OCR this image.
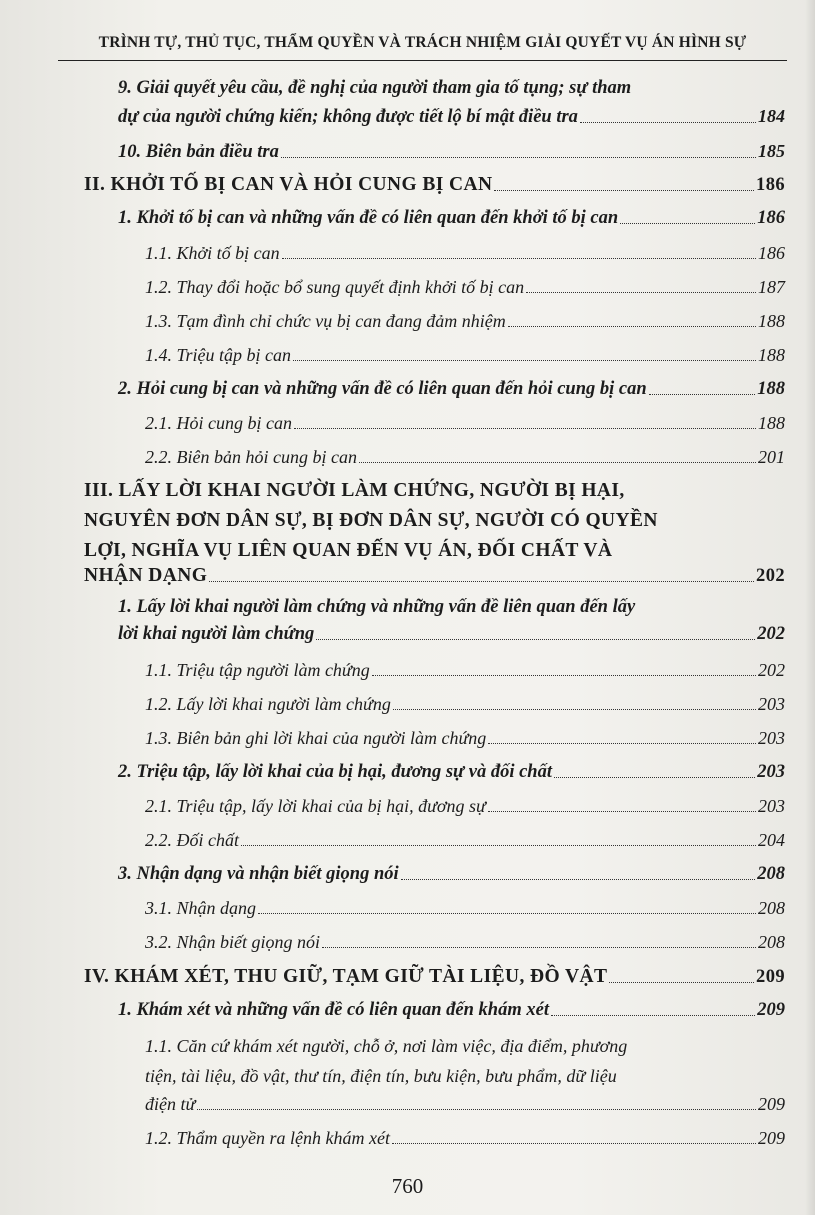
TRÌNH TỰ, THỦ TỤC, THẨM QUYỀN VÀ TRÁCH NHIỆM GIẢI QUYẾT VỤ ÁN HÌNH SỰ
9. Giải quyết yêu cầu, đề nghị của người tham gia tố tụng; sự tham
dự của người chứng kiến; không được tiết lộ bí mật điều tra	184
10. Biên bản điều tra	185
II. KHỞI TỐ BỊ CAN VÀ HỎI CUNG BỊ CAN	186
1. Khởi tố bị can và những vấn đề có liên quan đến khởi tố bị can	186
1.1. Khởi tố bị can	186
1.2. Thay đổi hoặc bổ sung quyết định khởi tố bị can	187
1.3. Tạm đình chỉ chức vụ bị can đang đảm nhiệm	188
1.4. Triệu tập bị can	188
2. Hỏi cung bị can và những vấn đề có liên quan đến hỏi cung bị can	188
2.1. Hỏi cung bị can	188
2.2. Biên bản hỏi cung bị can	201
III. LẤY LỜI KHAI NGƯỜI LÀM CHỨNG, NGƯỜI BỊ HẠI,
NGUYÊN ĐƠN DÂN SỰ, BỊ ĐƠN DÂN SỰ, NGƯỜI CÓ QUYỀN
LỢI, NGHĨA VỤ LIÊN QUAN ĐẾN VỤ ÁN, ĐỐI CHẤT VÀ
NHẬN DẠNG	202
1. Lấy lời khai người làm chứng và những vấn đề liên quan đến lấy
lời khai người làm chứng	202
1.1. Triệu tập người làm chứng	202
1.2. Lấy lời khai người làm chứng	203
1.3. Biên bản ghi lời khai của người làm chứng	203
2. Triệu tập, lấy lời khai của bị hại, đương sự và đối chất	203
2.1. Triệu tập, lấy lời khai của bị hại, đương sự	203
2.2. Đối chất	204
3. Nhận dạng và nhận biết giọng nói	208
3.1. Nhận dạng	208
3.2. Nhận biết giọng nói	208
IV. KHÁM XÉT, THU GIỮ, TẠM GIỮ TÀI LIỆU, ĐỒ VẬT	209
1. Khám xét và những vấn đề có liên quan đến khám xét	209
1.1. Căn cứ khám xét người, chỗ ở, nơi làm việc, địa điểm, phương
tiện, tài liệu, đồ vật, thư tín, điện tín, bưu kiện, bưu phẩm, dữ liệu
điện tử	209
1.2. Thẩm quyền ra lệnh khám xét	209
760
